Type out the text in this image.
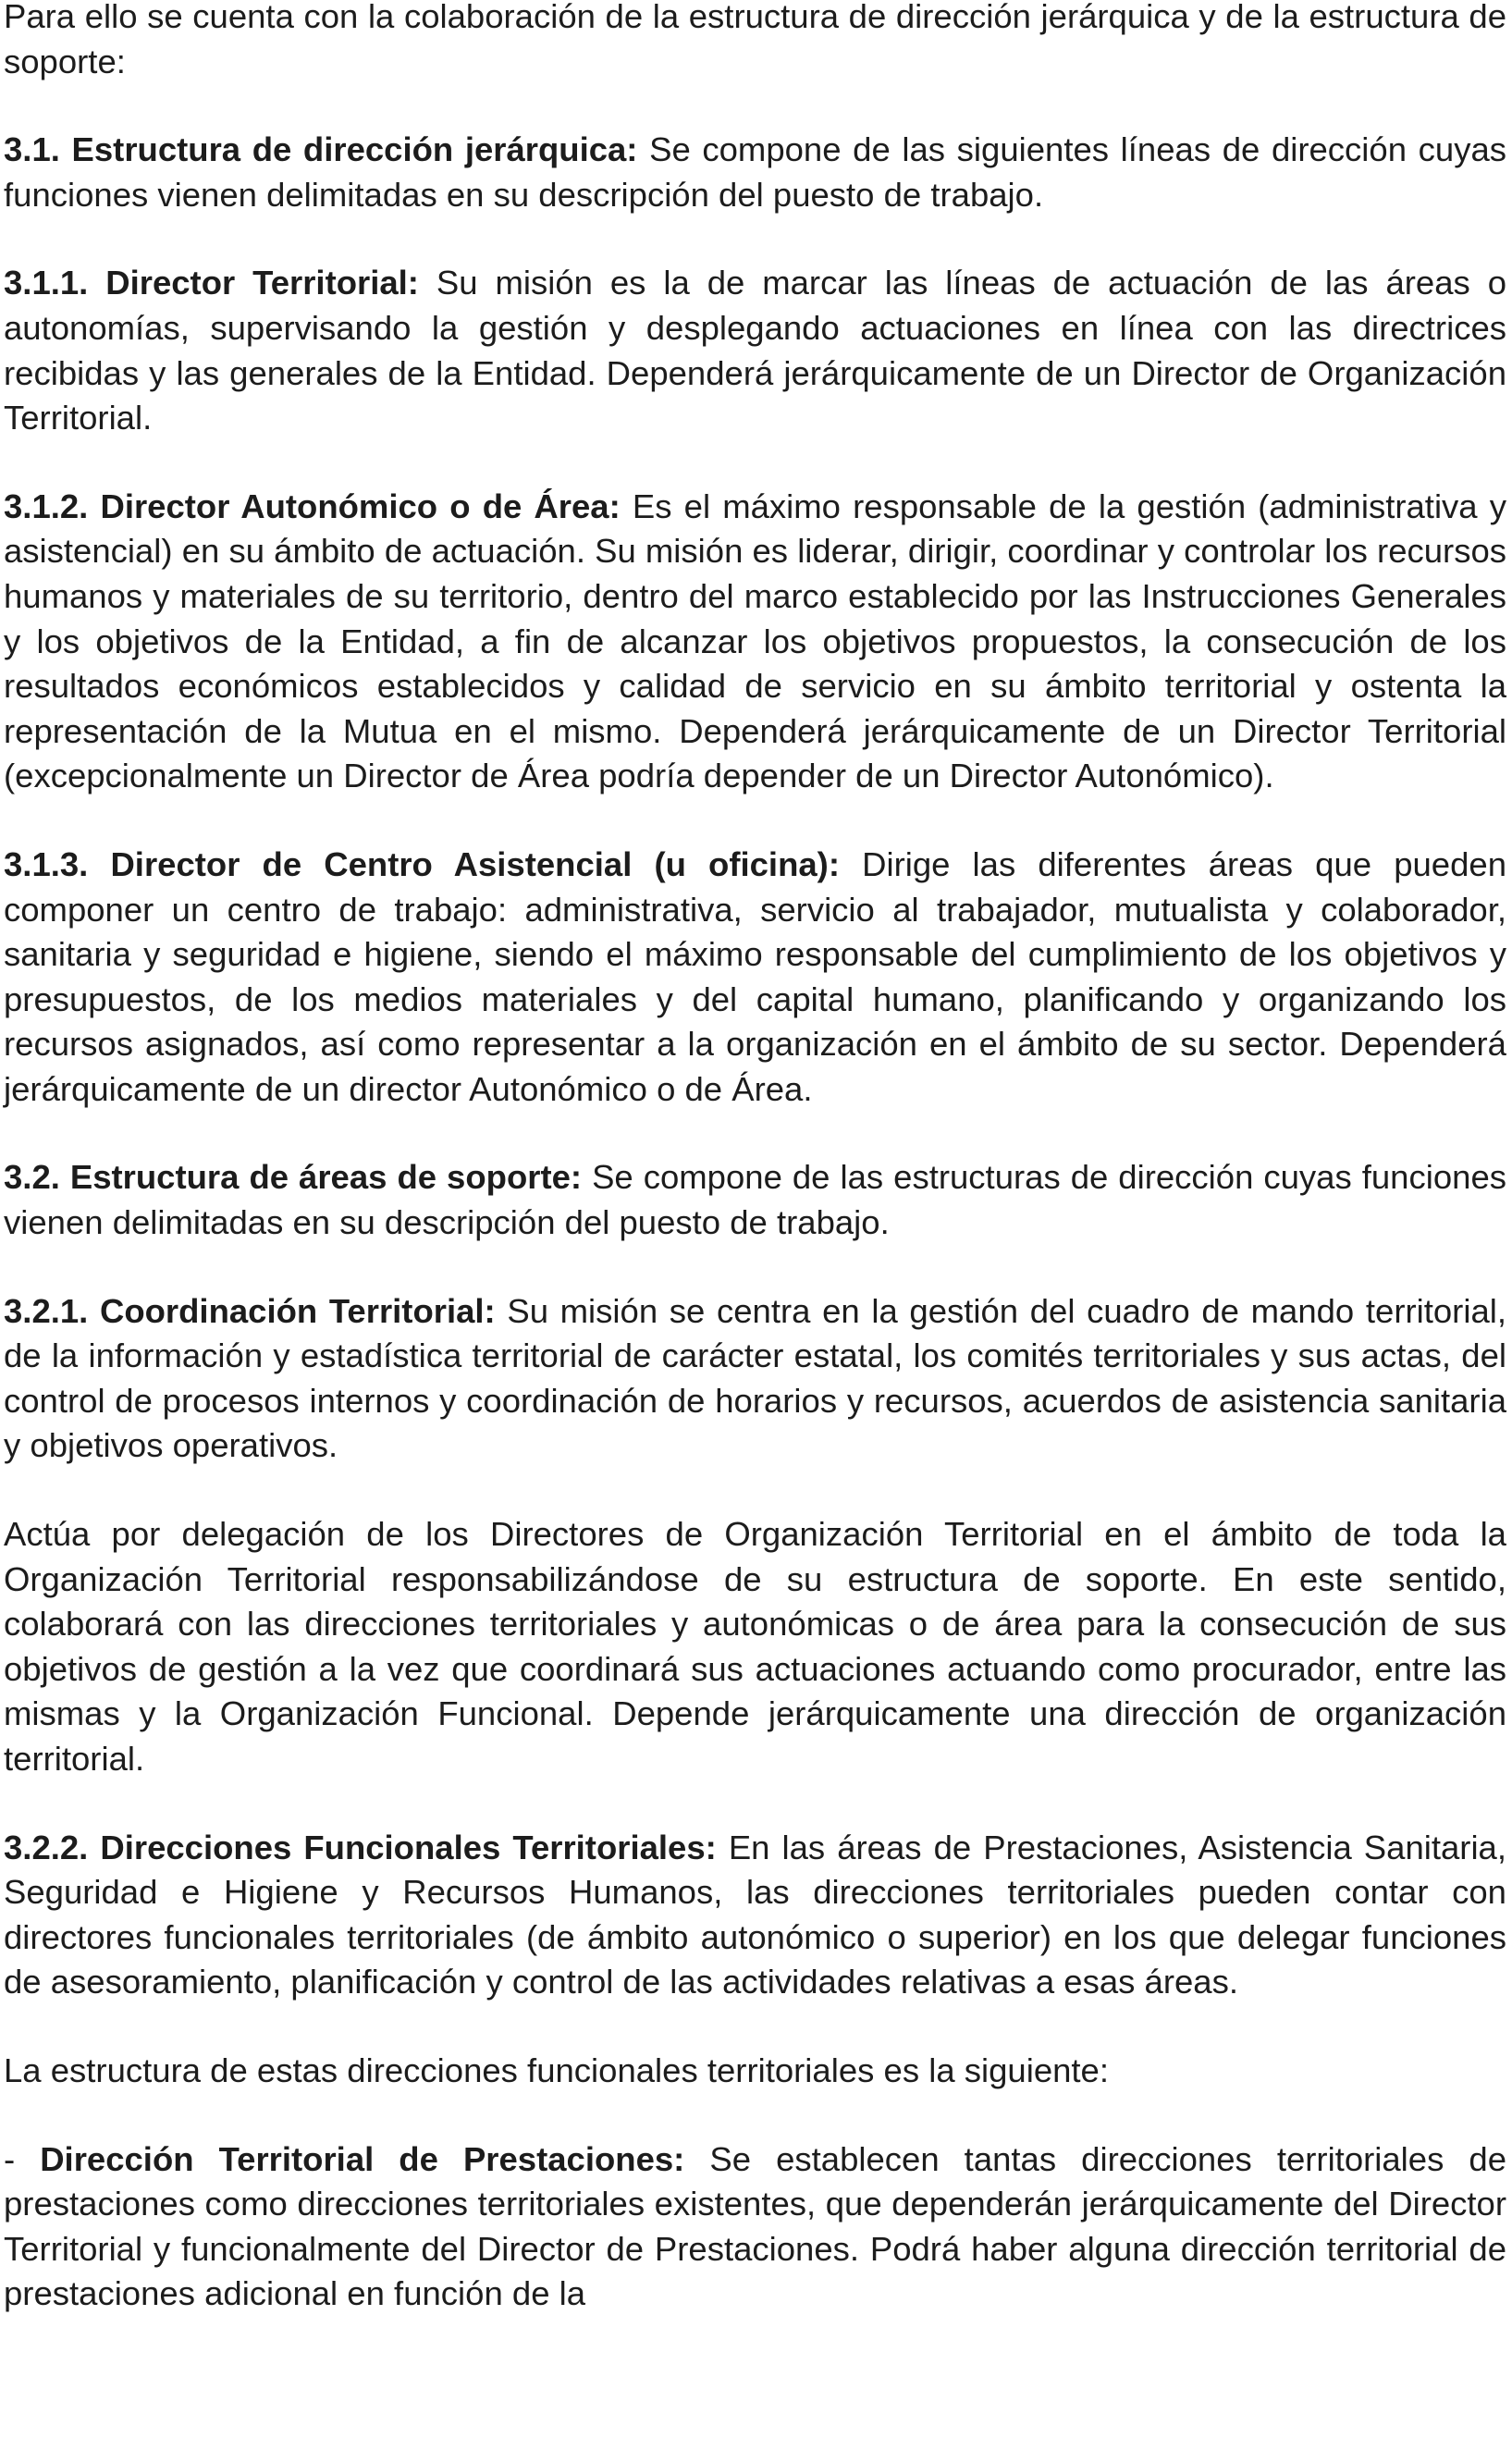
Para ello se cuenta con la colaboración de la estructura de dirección jerárquica y de la estructura de soporte:

3.1. Estructura de dirección jerárquica: Se compone de las siguientes líneas de dirección cuyas funciones vienen delimitadas en su descripción del puesto de trabajo.

3.1.1. Director Territorial: Su misión es la de marcar las líneas de actuación de las áreas o autonomías, supervisando la gestión y desplegando actuaciones en línea con las directrices recibidas y las generales de la Entidad. Dependerá jerárquicamente de un Director de Organización Territorial.

3.1.2. Director Autonómico o de Área: Es el máximo responsable de la gestión (administrativa y asistencial) en su ámbito de actuación. Su misión es liderar, dirigir, coordinar y controlar los recursos humanos y materiales de su territorio, dentro del marco establecido por las Instrucciones Generales y los objetivos de la Entidad, a fin de alcanzar los objetivos propuestos, la consecución de los resultados económicos establecidos y calidad de servicio en su ámbito territorial y ostenta la representación de la Mutua en el mismo. Dependerá jerárquicamente de un Director Territorial (excepcionalmente un Director de Área podría depender de un Director Autonómico).

3.1.3. Director de Centro Asistencial (u oficina): Dirige las diferentes áreas que pueden componer un centro de trabajo: administrativa, servicio al trabajador, mutualista y colaborador, sanitaria y seguridad e higiene, siendo el máximo responsable del cumplimiento de los objetivos y presupuestos, de los medios materiales y del capital humano, planificando y organizando los recursos asignados, así como representar a la organización en el ámbito de su sector. Dependerá jerárquicamente de un director Autonómico o de Área.

3.2. Estructura de áreas de soporte: Se compone de las estructuras de dirección cuyas funciones vienen delimitadas en su descripción del puesto de trabajo.

3.2.1. Coordinación Territorial: Su misión se centra en la gestión del cuadro de mando territorial, de la información y estadística territorial de carácter estatal, los comités territoriales y sus actas, del control de procesos internos y coordinación de horarios y recursos, acuerdos de asistencia sanitaria y objetivos operativos.

Actúa por delegación de los Directores de Organización Territorial en el ámbito de toda la Organización Territorial responsabilizándose de su estructura de soporte. En este sentido, colaborará con las direcciones territoriales y autonómicas o de área para la consecución de sus objetivos de gestión a la vez que coordinará sus actuaciones actuando como procurador, entre las mismas y la Organización Funcional. Depende jerárquicamente una dirección de organización territorial.

3.2.2. Direcciones Funcionales Territoriales: En las áreas de Prestaciones, Asistencia Sanitaria, Seguridad e Higiene y Recursos Humanos, las direcciones territoriales pueden contar con directores funcionales territoriales (de ámbito autonómico o superior) en los que delegar funciones de asesoramiento, planificación y control de las actividades relativas a esas áreas.

La estructura de estas direcciones funcionales territoriales es la siguiente:

- Dirección Territorial de Prestaciones: Se establecen tantas direcciones territoriales de prestaciones como direcciones territoriales existentes, que dependerán jerárquicamente del Director Territorial y funcionalmente del Director de Prestaciones. Podrá haber alguna dirección territorial de prestaciones adicional en función de la
